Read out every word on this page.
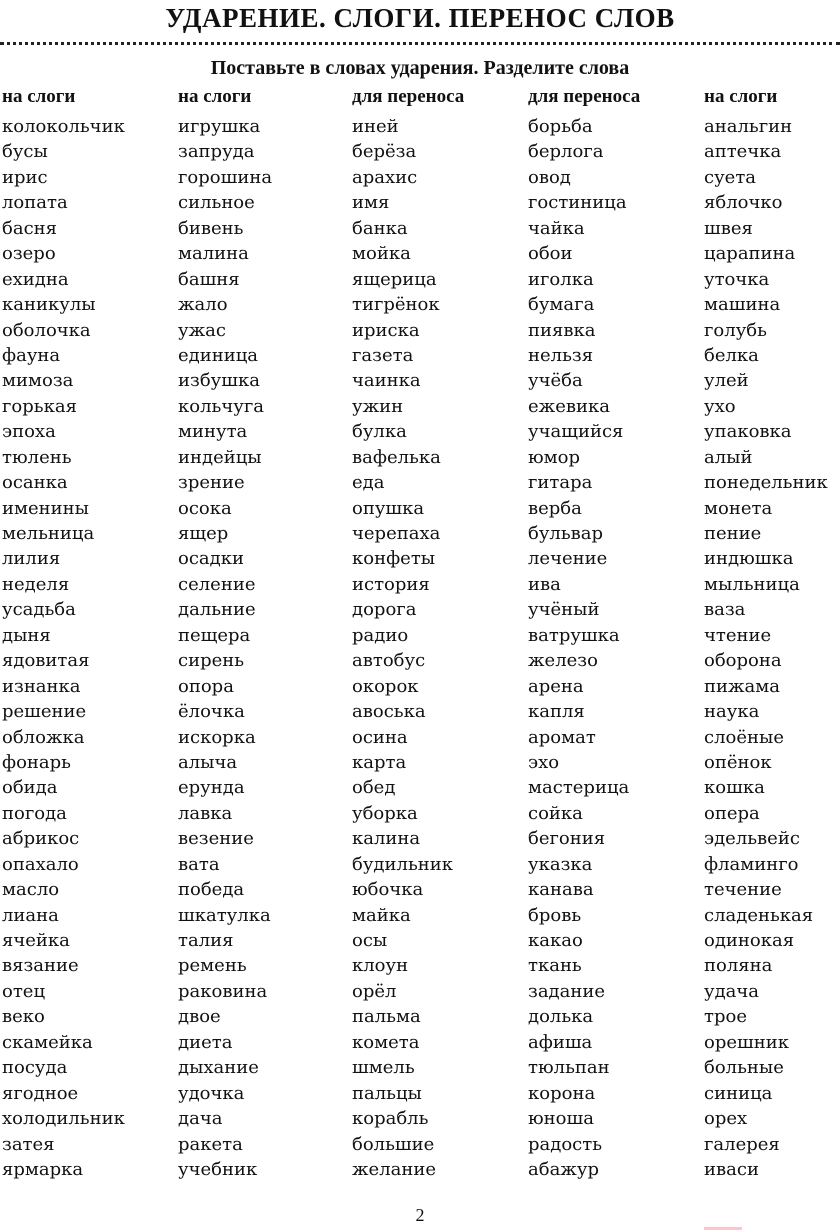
УДАРЕНИЕ. СЛОГИ. ПЕРЕНОС СЛОВ
Поставьте в словах ударения. Разделите слова
на слоги
колокольчик
бусы
ирис
лопата
басня
озеро
ехидна
каникулы
оболочка
фауна
мимоза
горькая
эпоха
тюлень
осанка
именины
мельница
лилия
неделя
усадьба
дыня
ядовитая
изнанка
решение
обложка
фонарь
обида
погода
абрикос
опахало
масло
лиана
ячейка
вязание
отец
веко
скамейка
посуда
ягодное
холодильник
затея
ярмарка
на слоги
игрушка
запруда
горошина
сильное
бивень
малина
башня
жало
ужас
единица
избушка
кольчуга
минута
индейцы
зрение
осока
ящер
осадки
селение
дальние
пещера
сирень
опора
ёлочка
искорка
алыча
ерунда
лавка
везение
вата
победа
шкатулка
талия
ремень
раковина
двое
диета
дыхание
удочка
дача
ракета
учебник
для переноса
иней
берёза
арахис
имя
банка
мойка
ящерица
тигрёнок
ириска
газета
чаинка
ужин
булка
вафелька
еда
опушка
черепаха
конфеты
история
дорога
радио
автобус
окорок
авоська
осина
карта
обед
уборка
калина
будильник
юбочка
майка
осы
клоун
орёл
пальма
комета
шмель
пальцы
корабль
большие
желание
для переноса
борьба
берлога
овод
гостиница
чайка
обои
иголка
бумага
пиявка
нельзя
учёба
ежевика
учащийся
юмор
гитара
верба
бульвар
лечение
ива
учёный
ватрушка
железо
арена
капля
аромат
эхо
мастерица
сойка
бегония
указка
канава
бровь
какао
ткань
задание
долька
афиша
тюльпан
корона
юноша
радость
абажур
на слоги
анальгин
аптечка
суета
яблочко
швея
царапина
уточка
машина
голубь
белка
улей
ухо
упаковка
алый
понедельник
монета
пение
индюшка
мыльница
ваза
чтение
оборона
пижама
наука
слоёные
опёнок
кошка
опера
эдельвейс
фламинго
течение
сладенькая
одинокая
поляна
удача
трое
орешник
больные
синица
орех
галерея
иваси
2
